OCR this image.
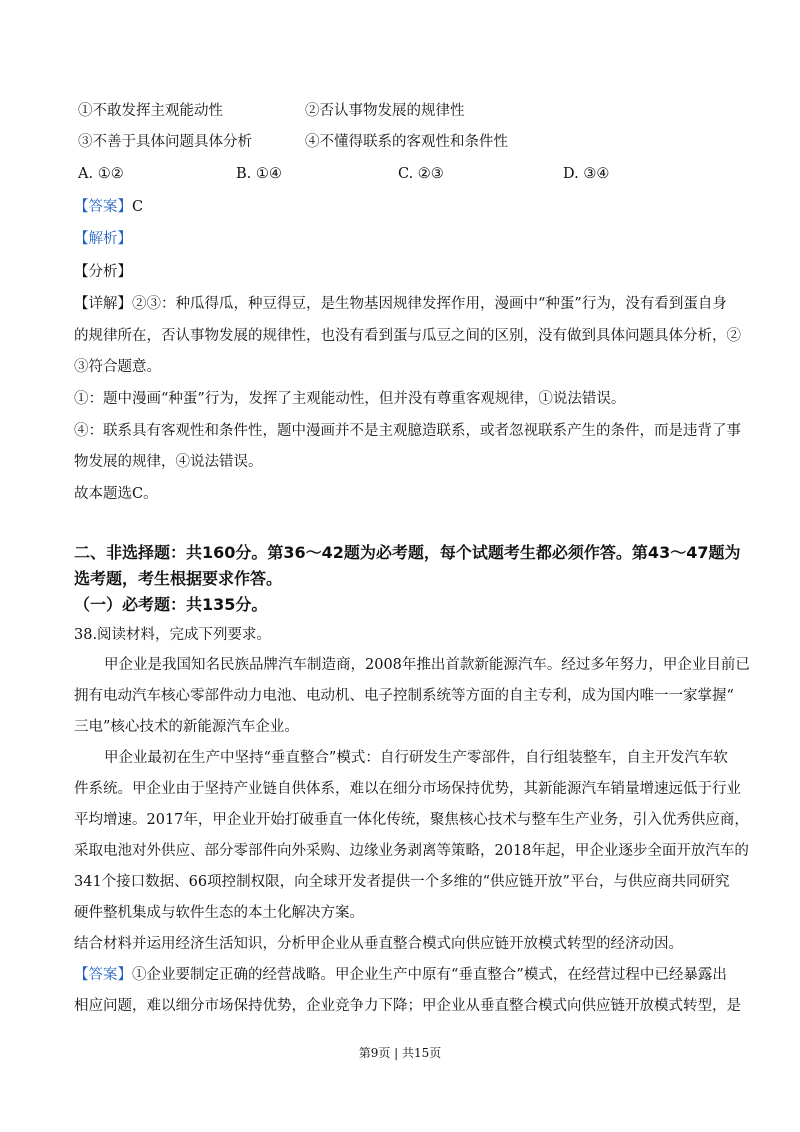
①不敢发挥主观能动性	②否认事物发展的规律性
③不善于具体问题具体分析	④不懂得联系的客观性和条件性
A. ①②	B. ①④	C. ②③	D. ③④
【答案】C
【解析】
【分析】
【详解】②③：种瓜得瓜，种豆得豆，是生物基因规律发挥作用，漫画中“种蛋”行为，没有看到蛋自身
的规律所在，否认事物发展的规律性，也没有看到蛋与瓜豆之间的区别，没有做到具体问题具体分析，②
③符合题意。
①：题中漫画“种蛋”行为，发挥了主观能动性，但并没有尊重客观规律，①说法错误。
④：联系具有客观性和条件性，题中漫画并不是主观臆造联系，或者忽视联系产生的条件，而是违背了事
物发展的规律，④说法错误。
故本题选C。
二、非选择题：共160分。第36～42题为必考题，每个试题考生都必须作答。第43～47题为
选考题，考生根据要求作答。
（一）必考题：共135分。
38.阅读材料，完成下列要求。
甲企业是我国知名民族品牌汽车制造商，2008年推出首款新能源汽车。经过多年努力，甲企业目前已
拥有电动汽车核心零部件动力电池、电动机、电子控制系统等方面的自主专利，成为国内唯一一家掌握“
三电”核心技术的新能源汽车企业。
甲企业最初在生产中坚持“垂直整合”模式：自行研发生产零部件，自行组装整车，自主开发汽车软
件系统。甲企业由于坚持产业链自供体系，难以在细分市场保持优势，其新能源汽车销量增速远低于行业
平均增速。2017年，甲企业开始打破垂直一体化传统，聚焦核心技术与整车生产业务，引入优秀供应商，
采取电池对外供应、部分零部件向外采购、边缘业务剥离等策略，2018年起，甲企业逐步全面开放汽车的
341个接口数据、66项控制权限，向全球开发者提供一个多维的“供应链开放”平台，与供应商共同研究
硬件整机集成与软件生态的本土化解决方案。
结合材料并运用经济生活知识，分析甲企业从垂直整合模式向供应链开放模式转型的经济动因。
【答案】①企业要制定正确的经营战略。甲企业生产中原有“垂直整合”模式，在经营过程中已经暴露出
相应问题，难以细分市场保持优势，企业竞争力下降；甲企业从垂直整合模式向供应链开放模式转型，是
第9页 | 共15页
